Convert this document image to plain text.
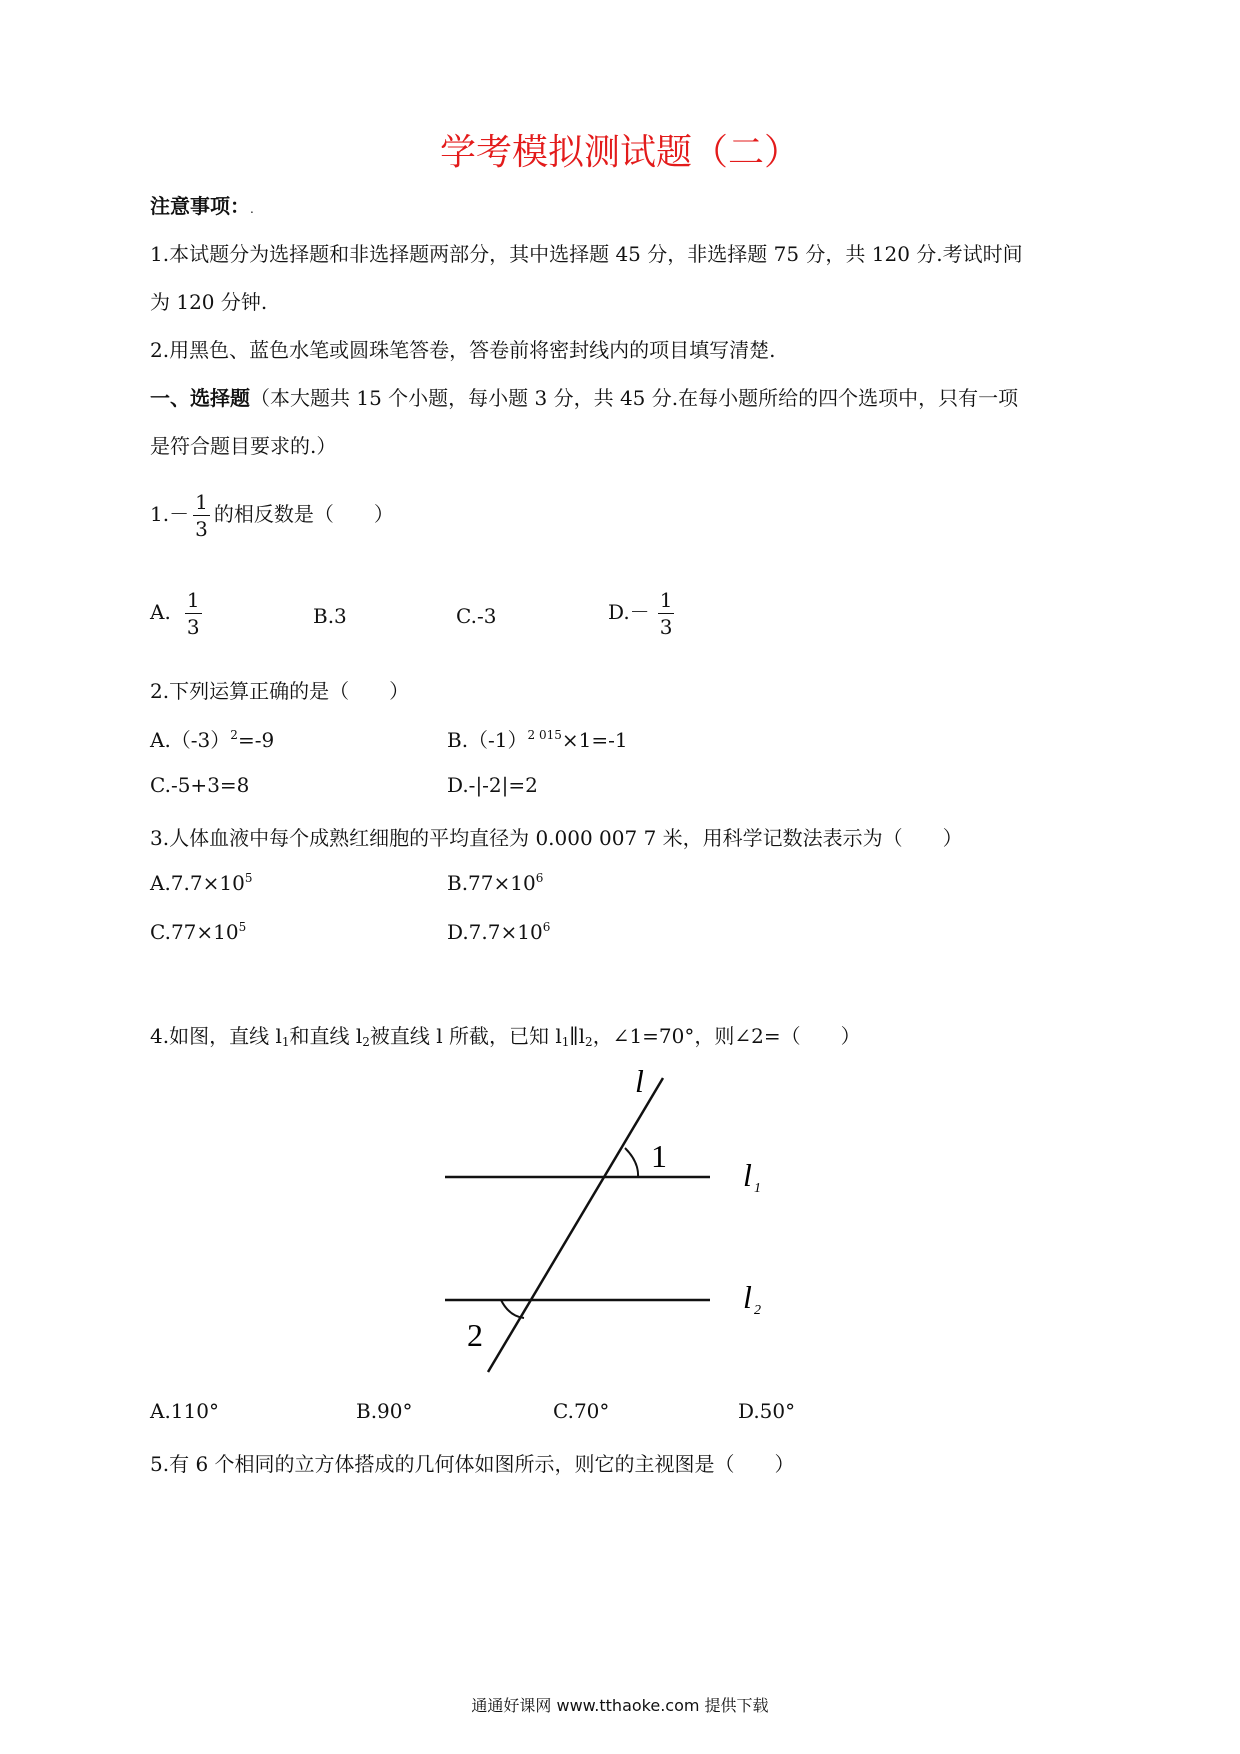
学考模拟测试题（二）
注意事项：.
1.本试题分为选择题和非选择题两部分，其中选择题 45 分，非选择题 75 分，共 120 分.考试时间
为 120 分钟.
2.用黑色、蓝色水笔或圆珠笔答卷，答卷前将密封线内的项目填写清楚.
一、选择题（本大题共 15 个小题，每小题 3 分，共 45 分.在每小题所给的四个选项中，只有一项
是符合题目要求的.）
$1.- \frac{1}{3}$ 的相反数是（　　）
A. $\frac{1}{3}$	B.3	C.-3	$D.- \frac{1}{3}$
2.下列运算正确的是（　　）
$A.(-3)^2=-9$	$B.(-1)^{2 015}\times 1=-1$
C.-5+3=8	D.-|-2|=2
3.人体血液中每个成熟红细胞的平均直径为 0.000 007 7 米，用科学记数法表示为（　　）
$A.7.7\times 10^5$	$B.77\times 10^6$
$C.77\times 10^5$	$D.7.7\times 10^6$
4.如图，直线 $l_1$和直线 $l_2$被直线 l 所截，已知 $l_1\parallel l_2$，∠1=70°，则∠2=（　　）
l
1
l 1
l 2
2
A.110°	B.90°	C.70°	D.50°
5.有 6 个相同的立方体搭成的几何体如图所示，则它的主视图是（　　）
通通好课网 www.tthaoke.com 提供下载
